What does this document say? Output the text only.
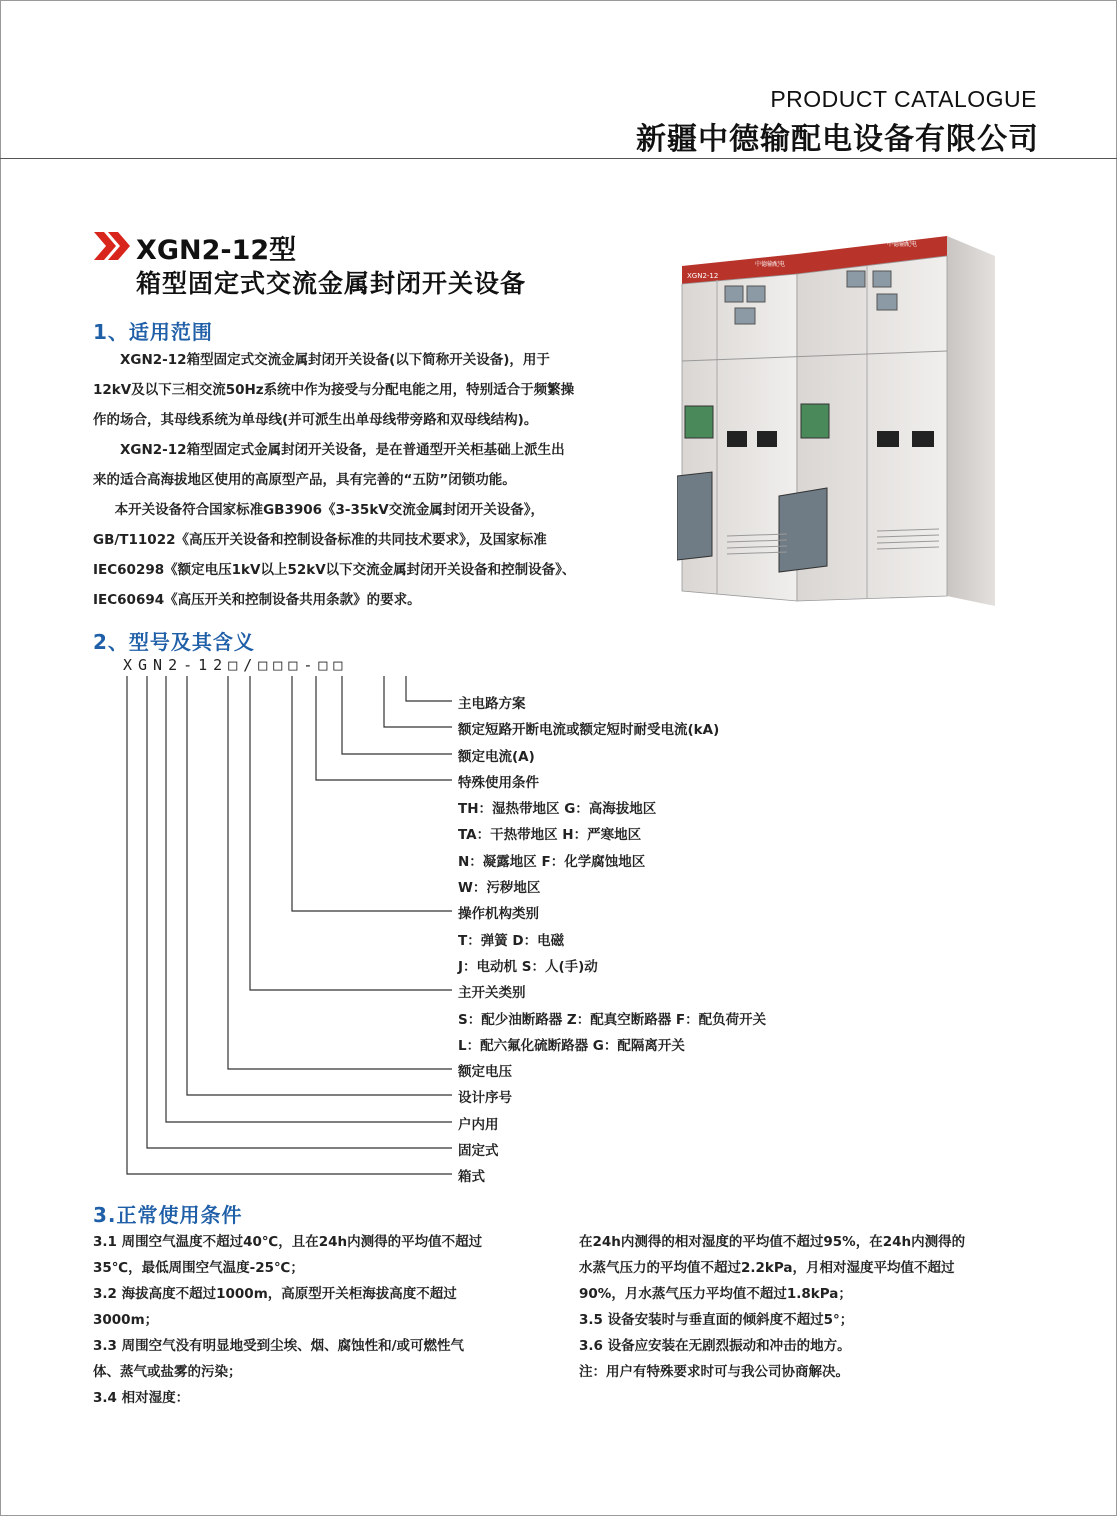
PRODUCT CATALOGUE
新疆中德输配电设备有限公司
XGN2-12型
箱型固定式交流金属封闭开关设备
1、适用范围

XGN2-12箱型固定式交流金属封闭开关设备(以下简称开关设备)，用于

12kV及以下三相交流50Hz系统中作为接受与分配电能之用，特别适合于频繁操

作的场合，其母线系统为单母线(并可派生出单母线带旁路和双母线结构)。

XGN2-12箱型固定式金属封闭开关设备，是在普通型开关柜基础上派生出

来的适合高海拔地区使用的高原型产品，具有完善的“五防”闭锁功能。

本开关设备符合国家标准GB3906《3-35kV交流金属封闭开关设备》，

GB/T11022《高压开关设备和控制设备标准的共同技术要求》，及国家标准

IEC60298《额定电压1kV以上52kV以下交流金属封闭开关设备和控制设备》、

IEC60694《高压开关和控制设备共用条款》的要求。

XGN2-12
中德输配电
中德输配电
2、型号及其含义
XGN2-12□/□□□-□□
主电路方案
额定短路开断电流或额定短时耐受电流(kA)
额定电流(A)
特殊使用条件
TH：湿热带地区 G：高海拔地区
TA：干热带地区 H：严寒地区
N：凝露地区 F：化学腐蚀地区
W：污秽地区
操作机构类别
T：弹簧 D：电磁
J：电动机 S：人(手)动
主开关类别
S：配少油断路器 Z：配真空断路器 F：配负荷开关
L：配六氟化硫断路器 G：配隔离开关
额定电压
设计序号
户内用
固定式
箱式
3.正常使用条件

3.1 周围空气温度不超过40℃，且在24h内测得的平均值不超过

35℃，最低周围空气温度-25℃；

3.2 海拔高度不超过1000m，高原型开关柜海拔高度不超过

3000m；

3.3 周围空气没有明显地受到尘埃、烟、腐蚀性和/或可燃性气

体、蒸气或盐雾的污染；

3.4 相对湿度：

在24h内测得的相对湿度的平均值不超过95%，在24h内测得的

水蒸气压力的平均值不超过2.2kPa，月相对湿度平均值不超过

90%，月水蒸气压力平均值不超过1.8kPa；

3.5 设备安装时与垂直面的倾斜度不超过5°；

3.6 设备应安装在无剧烈振动和冲击的地方。

注：用户有特殊要求时可与我公司协商解决。
